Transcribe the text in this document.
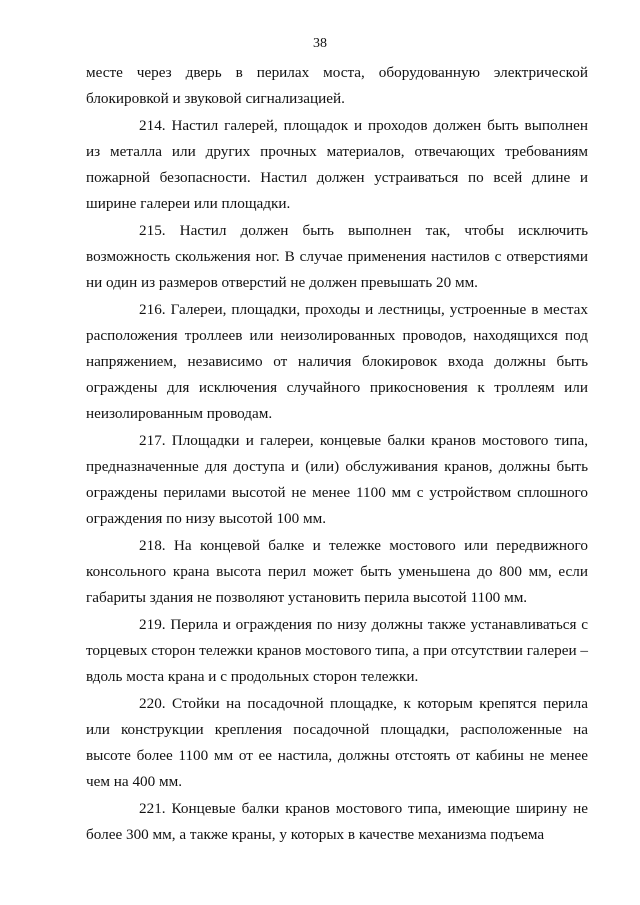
38

месте через дверь в перилах моста, оборудованную электрической блокировкой и звуковой сигнализацией.

214. Настил галерей, площадок и проходов должен быть выполнен из металла или других прочных материалов, отвечающих требованиям пожарной безопасности. Настил должен устраиваться по всей длине и ширине галереи или площадки.

215. Настил должен быть выполнен так, чтобы исключить возможность скольжения ног. В случае применения настилов с отверстиями ни один из размеров отверстий не должен превышать 20 мм.

216. Галереи, площадки, проходы и лестницы, устроенные в местах расположения троллеев или неизолированных проводов, находящихся под напряжением, независимо от наличия блокировок входа должны быть ограждены для исключения случайного прикосновения к троллеям или неизолированным проводам.

217. Площадки и галереи, концевые балки кранов мостового типа, предназначенные для доступа и (или) обслуживания кранов, должны быть ограждены перилами высотой не менее 1100 мм с устройством сплошного ограждения по низу высотой 100 мм.

218. На концевой балке и тележке мостового или передвижного консольного крана высота перил может быть уменьшена до 800 мм, если габариты здания не позволяют установить перила высотой 1100 мм.

219. Перила и ограждения по низу должны также устанавливаться с торцевых сторон тележки кранов мостового типа, а при отсутствии галереи – вдоль моста крана и с продольных сторон тележки.

220. Стойки на посадочной площадке, к которым крепятся перила или конструкции крепления посадочной площадки, расположенные на высоте более 1100 мм от ее настила, должны отстоять от кабины не менее чем на 400 мм.

221. Концевые балки кранов мостового типа, имеющие ширину не более 300 мм, а также краны, у которых в качестве механизма подъема
